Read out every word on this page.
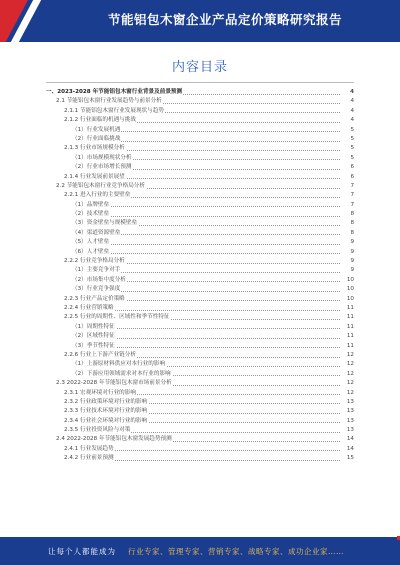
节能铝包木窗企业产品定价策略研究报告
内容目录
一、2023-2028 年节能铝包木窗行业背景及前景预测	4
2.1 节能铝包木窗行业发展趋势与前景分析	4
2.1.1 节能铝包木窗行业发展现状与趋势	4
2.1.2 行业面临的机遇与挑战	4
（1）行业发展机遇	5
（2）行业面临挑战	5
2.1.3 行业市场规模分析	5
（1）市场规模现状分析	5
（2）行业市场增长预测	6
2.1.4 行业发展前景展望	6
2.2 节能铝包木窗行业竞争格局分析	7
2.2.1 进入行业的主要壁垒	7
（1）品牌壁垒	7
（2）技术壁垒	8
（3）资金壁垒与规模壁垒	8
（4）渠道资源壁垒	8
（5）人才壁垒	9
（6）人才壁垒	9
2.2.2 行业竞争格局分析	9
（1）主要竞争对手	9
（2）市场集中度分析	10
（3）行业竞争强度	10
2.2.3 行业产品定价策略	10
2.2.4 行业营销策略	11
2.2.5 行业的周期性、区域性和季节性特征	11
（1）周期性特征	11
（2）区域性特征	11
（3）季节性特征	11
2.2.6 行业上下游产业链分析	12
（1）上游原材料供应对本行业的影响	12
（2）下游应用领域需求对本行业的影响	12
2.3 2022-2028 年节能铝包木窗市场前景分析	12
2.3.1 宏观环境对行业的影响	12
2.3.2 行业政策环境对行业的影响	13
2.3.3 行业技术环境对行业的影响	13
2.3.4 行业社会环境对行业的影响	13
2.3.5 行业投资风险与对策	13
2.4 2022-2028 年节能铝包木窗发展趋势预测	14
2.4.1 行业发展趋势	14
2.4.2 行业前景预测	15
让每个人都能成为 行业专家、管理专家、营销专家、战略专家、成功企业家……
